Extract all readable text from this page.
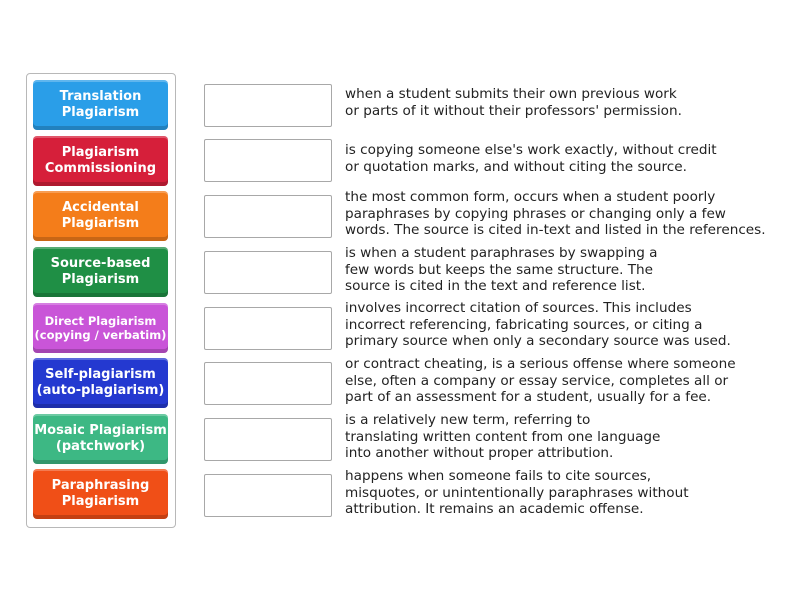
Translation
Plagiarism
Plagiarism
Commissioning
Accidental
Plagiarism
Source-based
Plagiarism
Direct Plagiarism
(copying / verbatim)
Self-plagiarism
(auto-plagiarism)
Mosaic Plagiarism
(patchwork)
Paraphrasing
Plagiarism
when a student submits their own previous work
or parts of it without their professors' permission.
is copying someone else's work exactly, without credit
or quotation marks, and without citing the source.
the most common form, occurs when a student poorly
paraphrases by copying phrases or changing only a few
words. The source is cited in-text and listed in the references.
is when a student paraphrases by swapping a
few words but keeps the same structure. The
source is cited in the text and reference list.
involves incorrect citation of sources. This includes
incorrect referencing, fabricating sources, or citing a
primary source when only a secondary source was used.
or contract cheating, is a serious offense where someone
else, often a company or essay service, completes all or
part of an assessment for a student, usually for a fee.
is a relatively new term, referring to
translating written content from one language
into another without proper attribution.
happens when someone fails to cite sources,
misquotes, or unintentionally paraphrases without
attribution. It remains an academic offense.
